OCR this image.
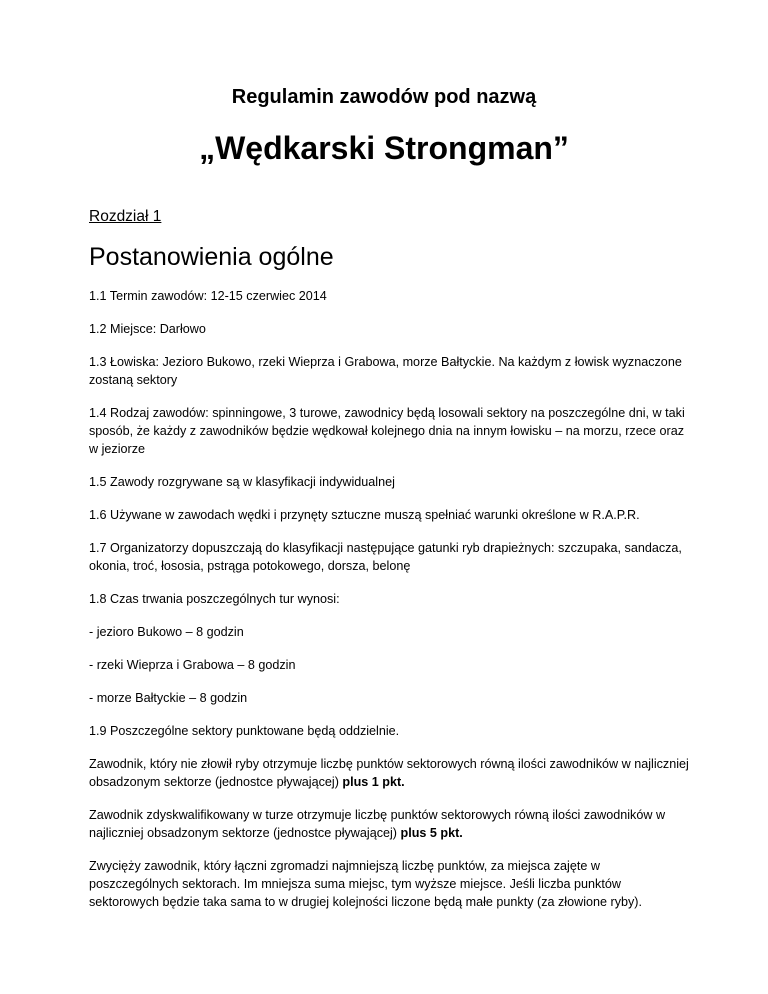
Regulamin zawodów pod nazwą
„Wędkarski Strongman”
Rozdział 1
Postanowienia ogólne

1.1 Termin zawodów: 12-15 czerwiec 2014

1.2 Miejsce: Darłowo

1.3 Łowiska: Jezioro Bukowo, rzeki Wieprza i Grabowa, morze Bałtyckie. Na każdym z łowisk wyznaczone zostaną sektory

1.4 Rodzaj zawodów: spinningowe, 3 turowe, zawodnicy będą losowali sektory na poszczególne dni, w taki sposób, że każdy z zawodników będzie wędkował kolejnego dnia na innym łowisku – na morzu, rzece oraz w jeziorze

1.5 Zawody rozgrywane są w klasyfikacji indywidualnej

1.6 Używane w zawodach wędki i przynęty sztuczne muszą spełniać warunki określone w R.A.P.R.

1.7 Organizatorzy dopuszczają do klasyfikacji następujące gatunki ryb drapieżnych: szczupaka, sandacza, okonia, troć, łososia, pstrąga potokowego, dorsza, belonę

1.8 Czas trwania poszczególnych tur wynosi:

- jezioro Bukowo – 8 godzin

- rzeki Wieprza i Grabowa – 8 godzin

- morze Bałtyckie – 8 godzin

1.9 Poszczególne sektory punktowane będą oddzielnie.

Zawodnik, który nie złowił ryby otrzymuje liczbę punktów sektorowych równą ilości zawodników w najliczniej obsadzonym sektorze (jednostce pływającej) plus 1 pkt.

Zawodnik zdyskwalifikowany w turze otrzymuje liczbę punktów sektorowych równą ilości zawodników w najliczniej obsadzonym sektorze (jednostce pływającej) plus 5 pkt.

Zwycięży zawodnik, który łączni zgromadzi najmniejszą liczbę punktów, za miejsca zajęte w poszczególnych sektorach. Im mniejsza suma miejsc, tym wyższe miejsce. Jeśli liczba punktów sektorowych będzie taka sama to w drugiej kolejności liczone będą małe punkty (za złowione ryby).
